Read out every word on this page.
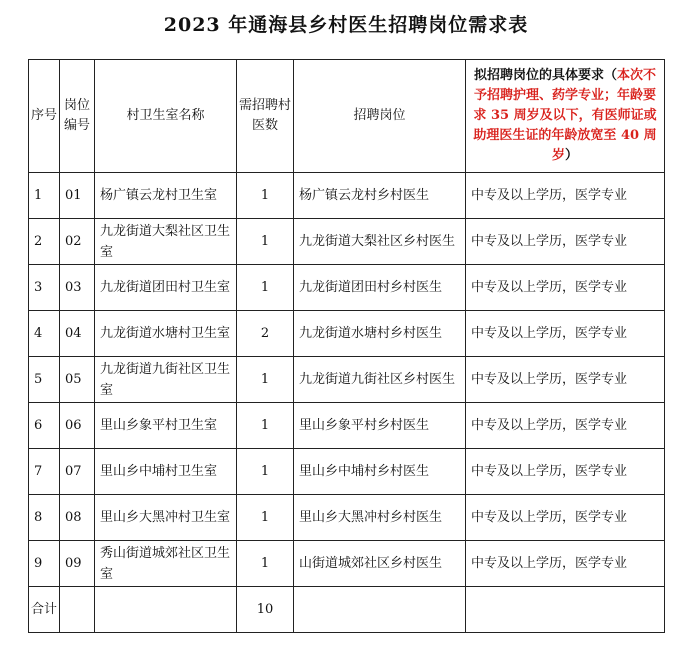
2023 年通海县乡村医生招聘岗位需求表
序号	岗位编号	村卫生室名称	需招聘村医数	招聘岗位	拟招聘岗位的具体要求（本次不予招聘护理、药学专业；年龄要求 35 周岁及以下，有医师证或助理医生证的年龄放宽至 40 周岁）
1	01	杨广镇云龙村卫生室	1	杨广镇云龙村乡村医生	中专及以上学历，医学专业
2	02	九龙街道大梨社区卫生室	1	九龙街道大梨社区乡村医生	中专及以上学历，医学专业
3	03	九龙街道团田村卫生室	1	九龙街道团田村乡村医生	中专及以上学历，医学专业
4	04	九龙街道水塘村卫生室	2	九龙街道水塘村乡村医生	中专及以上学历，医学专业
5	05	九龙街道九街社区卫生室	1	九龙街道九街社区乡村医生	中专及以上学历，医学专业
6	06	里山乡象平村卫生室	1	里山乡象平村乡村医生	中专及以上学历，医学专业
7	07	里山乡中埔村卫生室	1	里山乡中埔村乡村医生	中专及以上学历，医学专业
8	08	里山乡大黑冲村卫生室	1	里山乡大黑冲村乡村医生	中专及以上学历，医学专业
9	09	秀山街道城郊社区卫生室	1	山街道城郊社区乡村医生	中专及以上学历，医学专业
合计			10		
